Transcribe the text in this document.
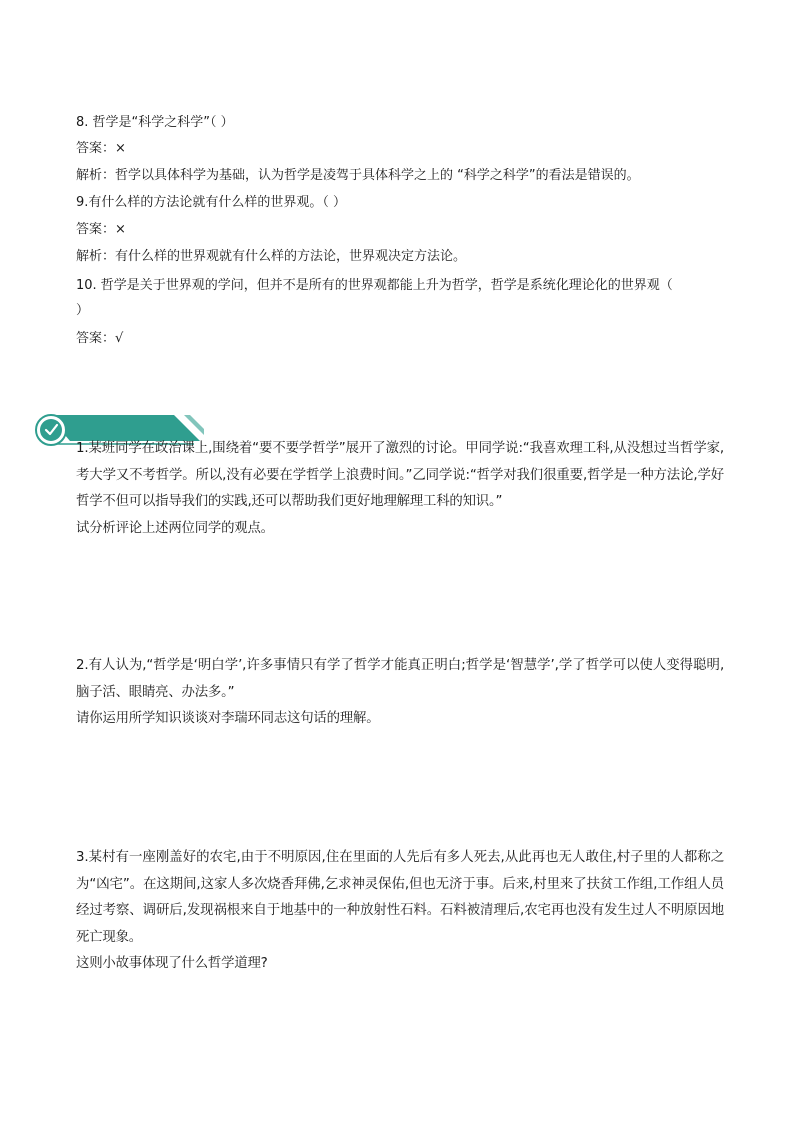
8. 哲学是“科学之科学”（ ）
答案：×
解析：哲学以具体科学为基础，认为哲学是凌驾于具体科学之上的 “科学之科学”的看法是错误的。
9.有什么样的方法论就有什么样的世界观。（ ）
答案：×
解析：有什么样的世界观就有什么样的方法论，世界观决定方法论。
10. 哲学是关于世界观的学问，但并不是所有的世界观都能上升为哲学，哲学是系统化理论化的世界观（
）
答案：√
1.某班同学在政治课上,围绕着“要不要学哲学”展开了激烈的讨论。甲同学说:“我喜欢理工科,从没想过当哲学家,考大学又不考哲学。所以,没有必要在学哲学上浪费时间。”乙同学说:“哲学对我们很重要,哲学是一种方法论,学好哲学不但可以指导我们的实践,还可以帮助我们更好地理解理工科的知识。”
试分析评论上述两位同学的观点。
2.有人认为,“哲学是‘明白学’,许多事情只有学了哲学才能真正明白;哲学是‘智慧学’,学了哲学可以使人变得聪明,脑子活、眼睛亮、办法多。”
请你运用所学知识谈谈对李瑞环同志这句话的理解。
3.某村有一座刚盖好的农宅,由于不明原因,住在里面的人先后有多人死去,从此再也无人敢住,村子里的人都称之为“凶宅”。在这期间,这家人多次烧香拜佛,乞求神灵保佑,但也无济于事。后来,村里来了扶贫工作组,工作组人员经过考察、调研后,发现祸根来自于地基中的一种放射性石料。石料被清理后,农宅再也没有发生过人不明原因地死亡现象。
这则小故事体现了什么哲学道理?
